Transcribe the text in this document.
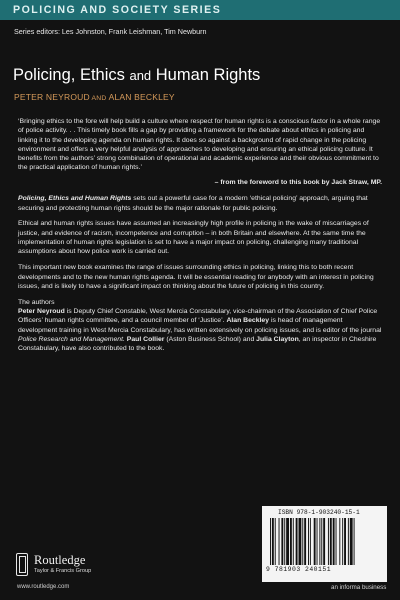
POLICING AND SOCIETY SERIES
Series editors: Les Johnston, Frank Leishman, Tim Newburn
Policing, Ethics and Human Rights
PETER NEYROUD AND ALAN BECKLEY

‘Bringing ethics to the fore will help build a culture where respect for human rights is a conscious factor in a whole range of police activity. . . This timely book fills a gap by providing a framework for the debate about ethics in policing and linking it to the developing agenda on human rights. It does so against a background of rapid change in the policing environment and offers a very helpful analysis of approaches to developing and ensuring an ethical policing culture. It benefits from the authors’ strong combination of operational and academic experience and their obvious commitment to the practical application of human rights.’

– from the foreword to this book by Jack Straw, MP.

Policing, Ethics and Human Rights sets out a powerful case for a modern ‘ethical policing’ approach, arguing that securing and protecting human rights should be the major rationale for public policing.

Ethical and human rights issues have assumed an increasingly high profile in policing in the wake of miscarriages of justice, and evidence of racism, incompetence and corruption – in both Britain and elsewhere. At the same time the implementation of human rights legislation is set to have a major impact on policing, challenging many traditional assumptions about how police work is carried out.

This important new book examines the range of issues surrounding ethics in policing, linking this to both recent developments and to the new human rights agenda. It will be essential reading for anybody with an interest in policing issues, and is likely to have a significant impact on thinking about the future of policing in this country.

The authors

Peter Neyroud is Deputy Chief Constable, West Mercia Constabulary, vice-chairman of the Association of Chief Police Officers’ human rights committee, and a council member of ‘Justice’. Alan Beckley is head of management development training in West Mercia Constabulary, has written extensively on policing issues, and is editor of the journal Police Research and Management. Paul Collier (Aston Business School) and Julia Clayton, an inspector in Cheshire Constabulary, have also contributed to the book.

ISBN 978-1-903240-15-1
9 781903 240151
Routledge
Taylor & Francis Group
www.routledge.com	an informa business
